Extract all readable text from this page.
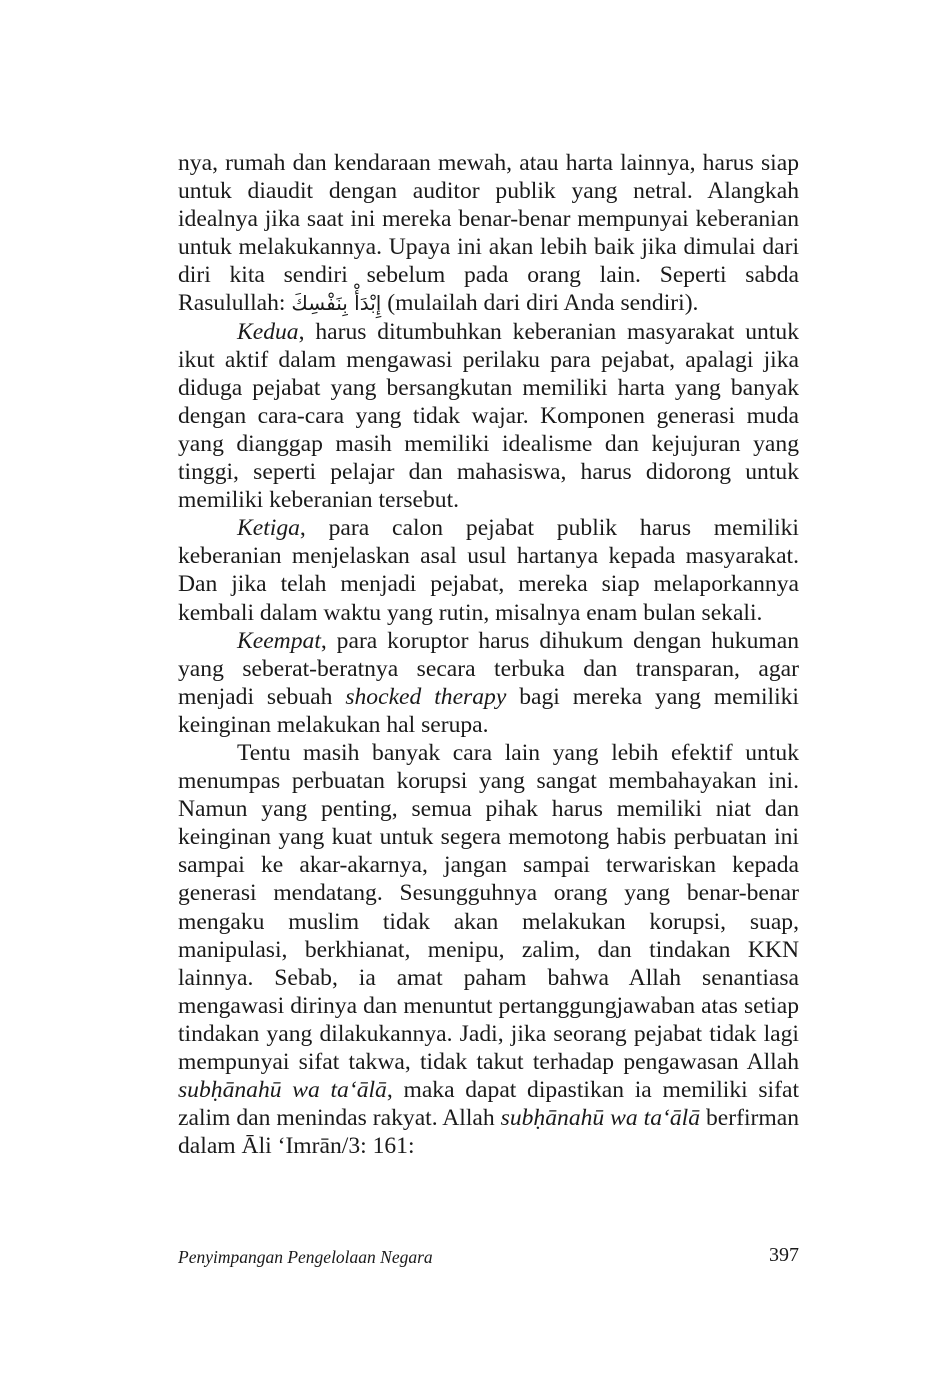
nya, rumah dan kendaraan mewah, atau harta lainnya, harus siap untuk diaudit dengan auditor publik yang netral. Alangkah idealnya jika saat ini mereka benar-benar mempunyai keberanian untuk melakukannya. Upaya ini akan lebih baik jika dimulai dari diri kita sendiri sebelum pada orang lain. Seperti sabda Rasulullah: إِبْدَأْ بِنَفْسِكَ (mulailah dari diri Anda sendiri).

Kedua, harus ditumbuhkan keberanian masyarakat untuk ikut aktif dalam mengawasi perilaku para pejabat, apalagi jika diduga pejabat yang bersangkutan memiliki harta yang banyak dengan cara-cara yang tidak wajar. Komponen generasi muda yang dianggap masih memiliki idealisme dan kejujuran yang tinggi, seperti pelajar dan mahasiswa, harus didorong untuk memiliki keberanian tersebut.

Ketiga, para calon pejabat publik harus memiliki keberanian menjelaskan asal usul hartanya kepada masyarakat. Dan jika telah menjadi pejabat, mereka siap melaporkannya kembali dalam waktu yang rutin, misalnya enam bulan sekali.

Keempat, para koruptor harus dihukum dengan hukuman yang seberat-beratnya secara terbuka dan transparan, agar menjadi sebuah shocked therapy bagi mereka yang memiliki keinginan melakukan hal serupa.

Tentu masih banyak cara lain yang lebih efektif untuk menumpas perbuatan korupsi yang sangat membahayakan ini. Namun yang penting, semua pihak harus memiliki niat dan keinginan yang kuat untuk segera memotong habis perbuatan ini sampai ke akar-akarnya, jangan sampai terwariskan kepada generasi mendatang. Sesungguhnya orang yang benar-benar mengaku muslim tidak akan melakukan korupsi, suap, manipulasi, berkhianat, menipu, zalim, dan tindakan KKN lainnya. Sebab, ia amat paham bahwa Allah senantiasa mengawasi dirinya dan menuntut pertanggungjawaban atas setiap tindakan yang dilakukannya. Jadi, jika seorang pejabat tidak lagi mempunyai sifat takwa, tidak takut terhadap pengawasan Allah subḥānahū wa ta‘ālā, maka dapat dipastikan ia memiliki sifat zalim dan menindas rakyat. Allah subḥānahū wa ta‘ālā berfirman dalam Āli ‘Imrān/3: 161:

Penyimpangan Pengelolaan Negara	397
